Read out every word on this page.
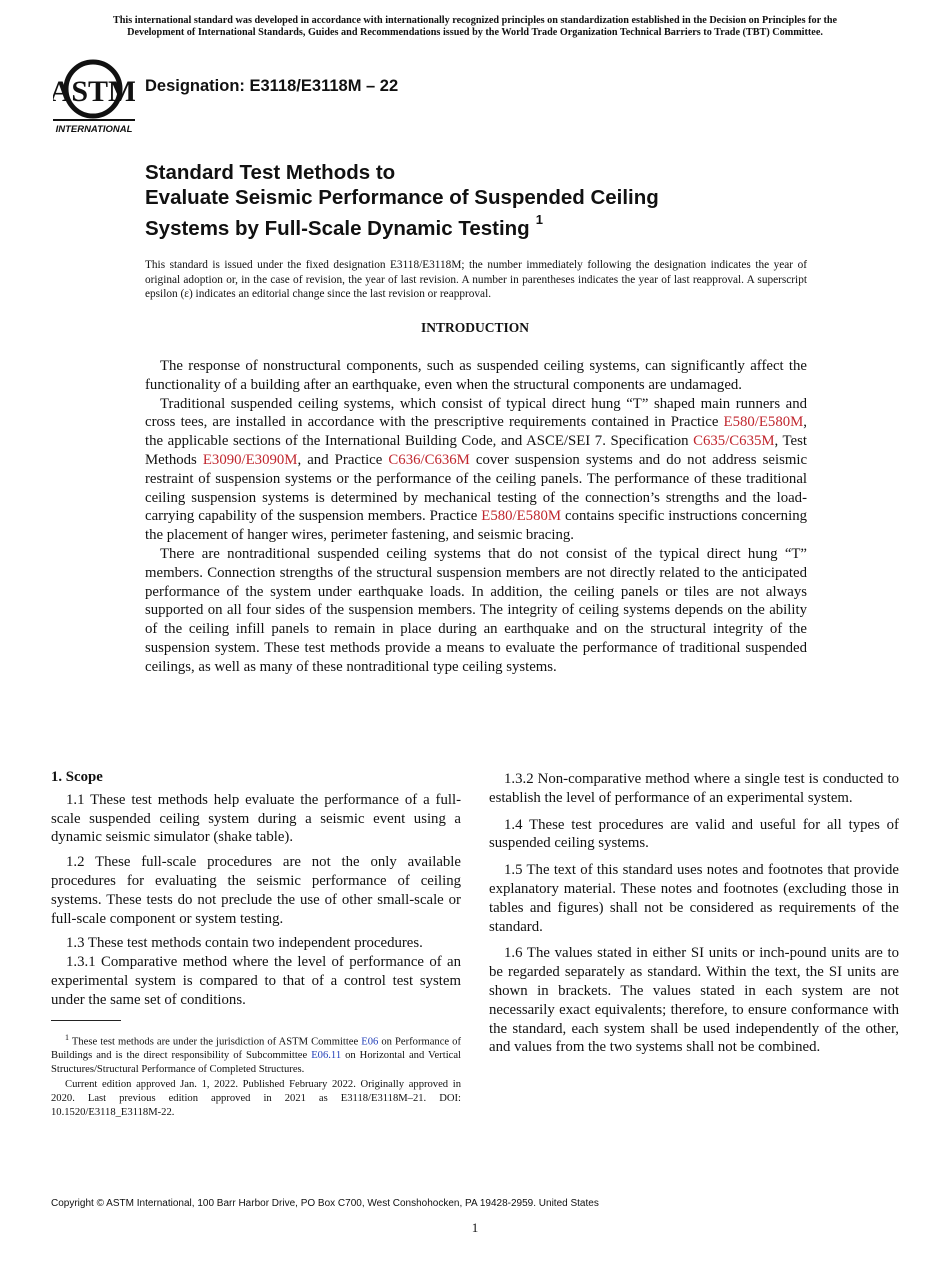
This international standard was developed in accordance with internationally recognized principles on standardization established in the Decision on Principles for the
Development of International Standards, Guides and Recommendations issued by the World Trade Organization Technical Barriers to Trade (TBT) Committee.
ASTM
INTERNATIONAL
Designation: E3118/E3118M – 22
Standard Test Methods to
Evaluate Seismic Performance of Suspended Ceiling
Systems by Full-Scale Dynamic Testing $^1$
This standard is issued under the fixed designation E3118/E3118M; the number immediately following the designation indicates the year of original adoption or, in the case of revision, the year of last revision. A number in parentheses indicates the year of last reapproval. A superscript epsilon (ε) indicates an editorial change since the last revision or reapproval.
INTRODUCTION

The response of nonstructural components, such as suspended ceiling systems, can significantly affect the functionality of a building after an earthquake, even when the structural components are undamaged.

Traditional suspended ceiling systems, which consist of typical direct hung “T” shaped main runners and cross tees, are installed in accordance with the prescriptive requirements contained in Practice E580/E580M, the applicable sections of the International Building Code, and ASCE/SEI 7. Specification C635/C635M, Test Methods E3090/E3090M, and Practice C636/C636M cover suspension systems and do not address seismic restraint of suspension systems or the performance of the ceiling panels. The performance of these traditional ceiling suspension systems is determined by mechanical testing of the connection’s strengths and the load-carrying capability of the suspension members. Practice E580/E580M contains specific instructions concerning the placement of hanger wires, perimeter fastening, and seismic bracing.

There are nontraditional suspended ceiling systems that do not consist of the typical direct hung “T” members. Connection strengths of the structural suspension members are not directly related to the anticipated performance of the system under earthquake loads. In addition, the ceiling panels or tiles are not always supported on all four sides of the suspension members. The integrity of ceiling systems depends on the ability of the ceiling infill panels to remain in place during an earthquake and on the structural integrity of the suspension system. These test methods provide a means to evaluate the performance of traditional suspended ceilings, as well as many of these nontraditional type ceiling systems.

1. Scope

1.1 These test methods help evaluate the performance of a full-scale suspended ceiling system during a seismic event using a dynamic seismic simulator (shake table).

1.2 These full-scale procedures are not the only available procedures for evaluating the seismic performance of ceiling systems. These tests do not preclude the use of other small-scale or full-scale component or system testing.

1.3 These test methods contain two independent procedures.

1.3.1 Comparative method where the level of performance of an experimental system is compared to that of a control test system under the same set of conditions.

$^1$ These test methods are under the jurisdiction of ASTM Committee E06 on Performance of Buildings and is the direct responsibility of Subcommittee E06.11 on Horizontal and Vertical Structures/Structural Performance of Completed Structures.

Current edition approved Jan. 1, 2022. Published February 2022. Originally approved in 2020. Last previous edition approved in 2021 as E3118/E3118M–21. DOI: 10.1520/E3118_E3118M-22.

1.3.2 Non-comparative method where a single test is conducted to establish the level of performance of an experimental system.

1.4 These test procedures are valid and useful for all types of suspended ceiling systems.

1.5 The text of this standard uses notes and footnotes that provide explanatory material. These notes and footnotes (excluding those in tables and figures) shall not be considered as requirements of the standard.

1.6 The values stated in either SI units or inch-pound units are to be regarded separately as standard. Within the text, the SI units are shown in brackets. The values stated in each system are not necessarily exact equivalents; therefore, to ensure conformance with the standard, each system shall be used independently of the other, and values from the two systems shall not be combined.

Copyright © ASTM International, 100 Barr Harbor Drive, PO Box C700, West Conshohocken, PA 19428-2959. United States
1
